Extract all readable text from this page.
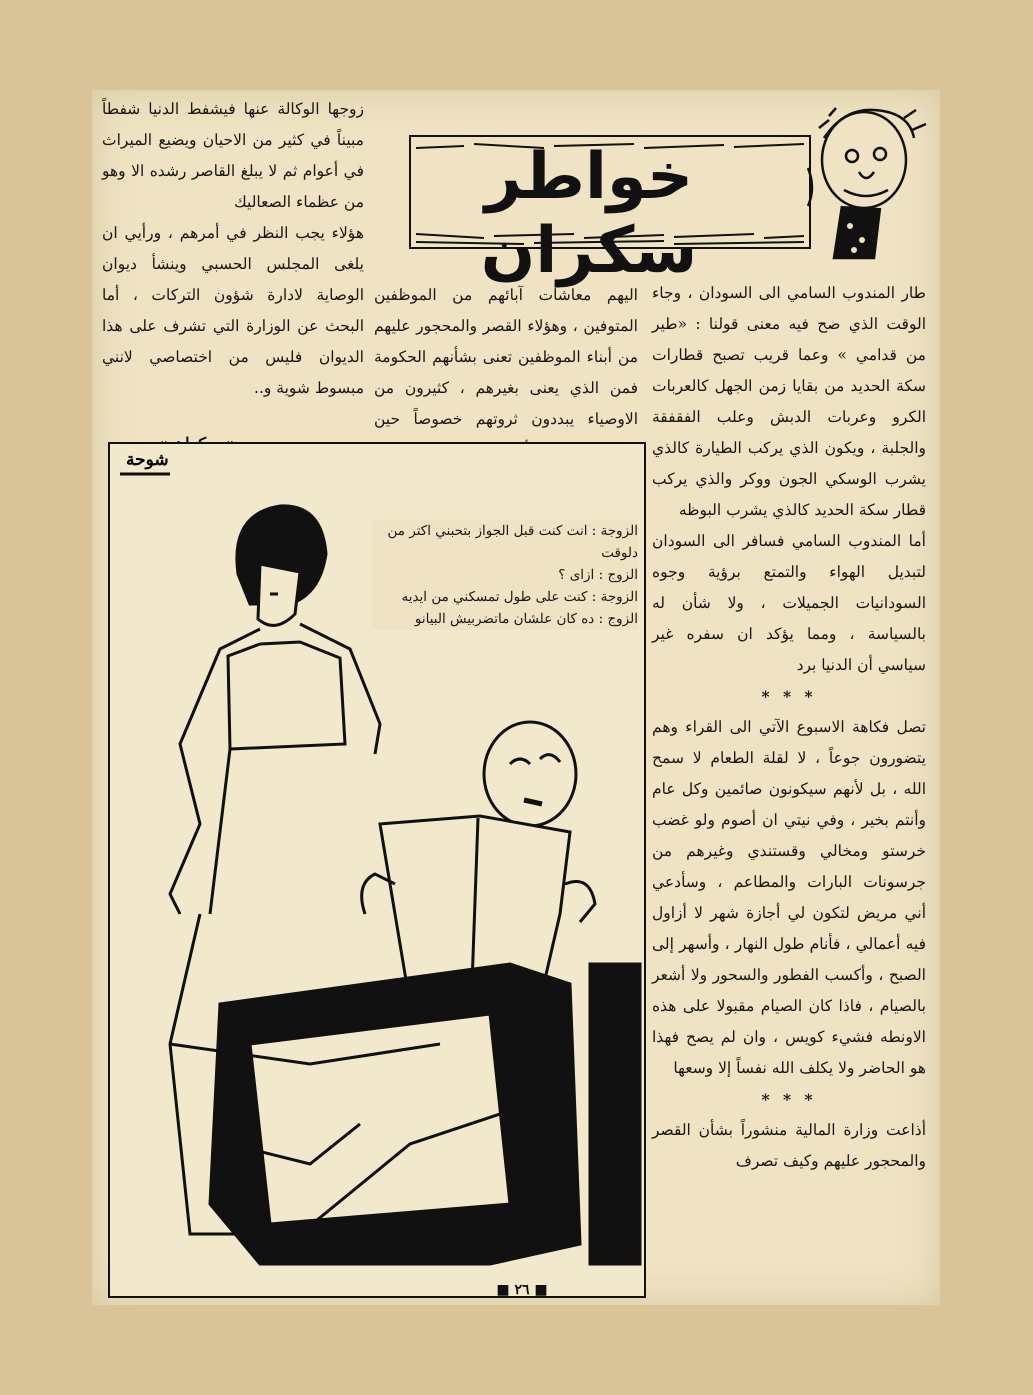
خواطر سكران

طار المندوب السامي الى السودان ، وجاء الوقت الذي صح فيه معنى قولنا : «طير من قدامي » وعما قريب تصبح قطارات سكة الحديد من بقايا زمن الجهل كالعربات الكرو وعربات الدبش وعلب الفقفقة والجلبة ، ويكون الذي يركب الطيارة كالذي يشرب الوسكي الجون ووكر والذي يركب قطار سكة الحديد كالذي يشرب البوظه

أما المندوب السامي فسافر الى السودان لتبديل الهواء والتمتع برؤية وجوه السودانيات الجميلات ، ولا شأن له بالسياسة ، ومما يؤكد ان سفره غير سياسي أن الدنيا برد

* * *

تصل فكاهة الاسبوع الآتي الى القراء وهم يتضورون جوعاً ، لا لقلة الطعام لا سمح الله ، بل لأنهم سيكونون صائمين وكل عام وأنتم بخير ، وفي نيتي ان أصوم ولو غضب خرستو ومخالي وقستندي وغيرهم من جرسونات البارات والمطاعم ، وسأدعي أني مريض لتكون لي أجازة شهر لا أزاول فيه أعمالي ، فأنام طول النهار ، وأسهر إلى الصبح ، وأكسب الفطور والسحور ولا أشعر بالصيام ، فاذا كان الصيام مقبولا على هذه الاونطه فشيء كويس ، وان لم يصح فهذا هو الحاضر ولا يكلف الله نفساً إلا وسعها

* * *

أذاعت وزارة المالية منشوراً بشأن القصر والمحجور عليهم وكيف تصرف

اليهم معاشات آبائهم من الموظفين المتوفين ، وهؤلاء القصر والمحجور عليهم من أبناء الموظفين تعنى بشأنهم الحكومة فمن الذي يعنى بغيرهم ، كثيرون من الاوصياء يبددون ثروتهم خصوصاً حين

زوجها الوكالة عنها فيشفط الدنيا شفطاً مبيناً في كثير من الاحيان ويضيع الميراث في أعوام ثم لا يبلغ القاصر رشده الا وهو من عظماء الصعاليك

هؤلاء يجب النظر في أمرهم ، ورأيي ان يلغى المجلس الحسبي وينشأ ديوان الوصاية لادارة شؤون التركات ، أما البحث عن الوزارة التي تشرف على هذا الديوان فليس من اختصاصي لانني مبسوط شوية و..

شوحة

الزوجة : انت كنت قبل الجواز بتحبني اكتر من دلوقت

الزوج : ازاى ؟

الزوجة : كنت على طول تمسكني من ايديه

الزوج : ده كان علشان ماتضربيش البيانو

■ ٢٦ ■
